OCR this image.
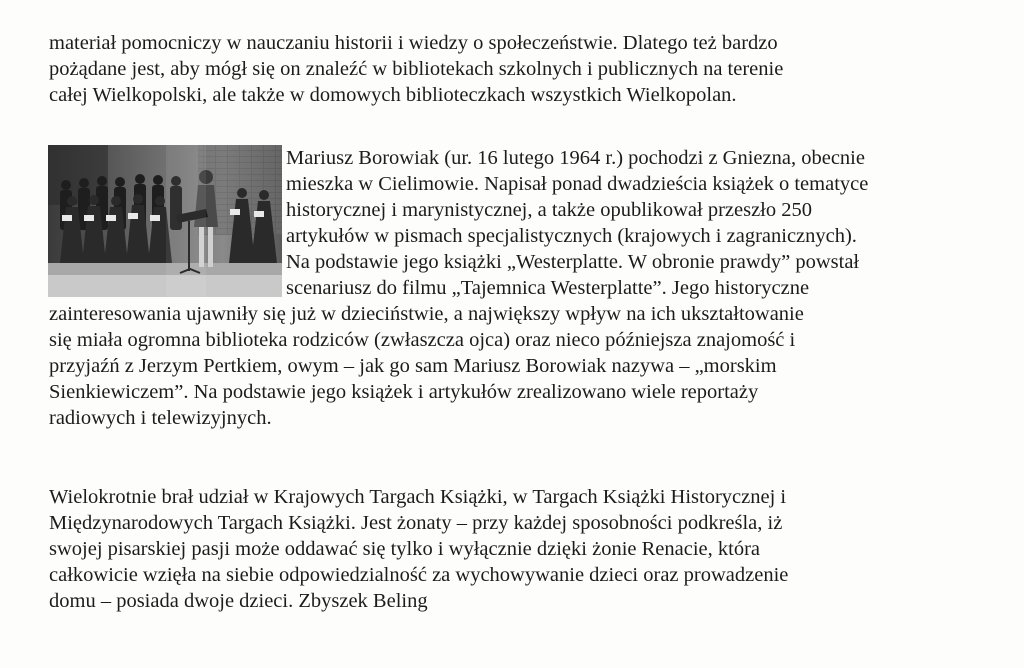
materiał pomocniczy w nauczaniu historii i wiedzy o społeczeństwie. Dlatego też bardzo
pożądane jest, aby mógł się on znaleźć w bibliotekach szkolnych i publicznych na terenie
całej Wielkopolski, ale także w domowych biblioteczkach wszystkich Wielkopolan.
Mariusz Borowiak (ur. 16 lutego 1964 r.) pochodzi z Gniezna, obecnie
mieszka w Cielimowie. Napisał ponad dwadzieścia książek o tematyce
historycznej i marynistycznej, a także opublikował przeszło 250
artykułów w pismach specjalistycznych (krajowych i zagranicznych).
Na podstawie jego książki „Westerplatte. W obronie prawdy” powstał
scenariusz do filmu „Tajemnica Westerplatte”. Jego historyczne
zainteresowania ujawniły się już w dzieciństwie, a największy wpływ na ich ukształtowanie
się miała ogromna biblioteka rodziców (zwłaszcza ojca) oraz nieco późniejsza znajomość i
przyjaźń z Jerzym Pertkiem, owym – jak go sam Mariusz Borowiak nazywa – „morskim
Sienkiewiczem”. Na podstawie jego książek i artykułów zrealizowano wiele reportaży
radiowych i telewizyjnych.
Wielokrotnie brał udział w Krajowych Targach Książki, w Targach Książki Historycznej i
Międzynarodowych Targach Książki. Jest żonaty – przy każdej sposobności podkreśla, iż
swojej pisarskiej pasji może oddawać się tylko i wyłącznie dzięki żonie Renacie, która
całkowicie wzięła na siebie odpowiedzialność za wychowywanie dzieci oraz prowadzenie
domu – posiada dwoje dzieci. Zbyszek Beling
